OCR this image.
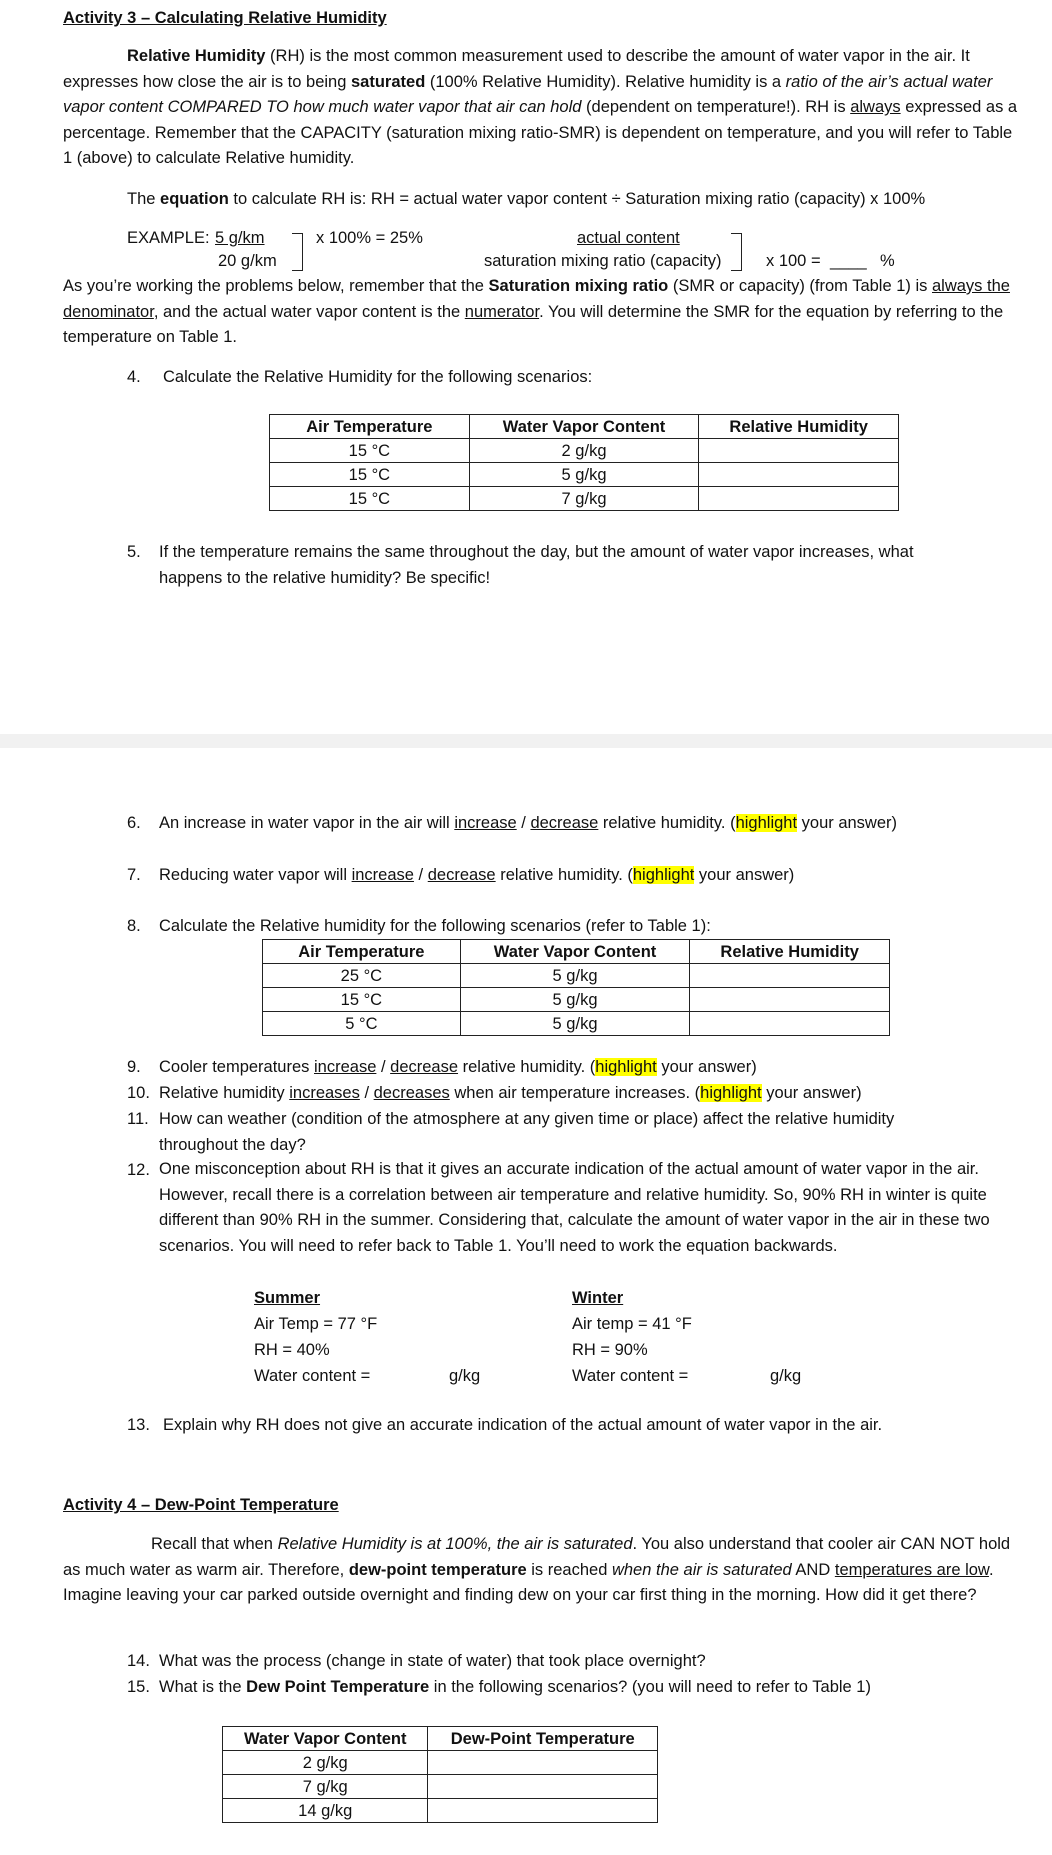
Activity 3 – Calculating Relative Humidity
Relative Humidity (RH) is the most common measurement used to describe the amount of water vapor in the air. It expresses how close the air is to being saturated (100% Relative Humidity). Relative humidity is a ratio of the air’s actual water vapor content COMPARED TO how much water vapor that air can hold (dependent on temperature!). RH is always expressed as a percentage. Remember that the CAPACITY (saturation mixing ratio-SMR) is dependent on temperature, and you will refer to Table 1 (above) to calculate Relative humidity.
The equation to calculate RH is: RH = actual water vapor content ÷ Saturation mixing ratio (capacity) x 100%
EXAMPLE: 5 g/km
20 g/km
x 100% = 25%	actual content
saturation mixing ratio (capacity)	x 100 = ____ %
As you’re working the problems below, remember that the Saturation mixing ratio (SMR or capacity) (from Table 1) is always the denominator, and the actual water vapor content is the numerator. You will determine the SMR for the equation by referring to the temperature on Table 1.
4. Calculate the Relative Humidity for the following scenarios:
Air Temperature	Water Vapor Content	Relative Humidity
15 °C	2 g/kg	
15 °C	5 g/kg	
15 °C	7 g/kg	
5. If the temperature remains the same throughout the day, but the amount of water vapor increases, what
happens to the relative humidity? Be specific!
6. An increase in water vapor in the air will increase / decrease relative humidity. (highlight your answer)
7. Reducing water vapor will increase / decrease relative humidity. (highlight your answer)
8. Calculate the Relative humidity for the following scenarios (refer to Table 1):
Air Temperature	Water Vapor Content	Relative Humidity
25 °C	5 g/kg	
15 °C	5 g/kg	
5 °C	5 g/kg	
9. Cooler temperatures increase / decrease relative humidity. (highlight your answer)
10. Relative humidity increases / decreases when air temperature increases. (highlight your answer)
11. How can weather (condition of the atmosphere at any given time or place) affect the relative humidity
throughout the day?
12. One misconception about RH is that it gives an accurate indication of the actual amount of water vapor in the air. However, recall there is a correlation between air temperature and relative humidity. So, 90% RH in winter is quite different than 90% RH in the summer. Considering that, calculate the amount of water vapor in the air in these two scenarios. You will need to refer back to Table 1. You’ll need to work the equation backwards.
Summer
Air Temp = 77 °F
RH = 40%
Water content =	g/kg
Winter
Air temp = 41 °F
RH = 90%
Water content =	g/kg
13. Explain why RH does not give an accurate indication of the actual amount of water vapor in the air.
Activity 4 – Dew-Point Temperature
Recall that when Relative Humidity is at 100%, the air is saturated. You also understand that cooler air CAN NOT hold as much water as warm air. Therefore, dew-point temperature is reached when the air is saturated AND temperatures are low. Imagine leaving your car parked outside overnight and finding dew on your car first thing in the morning. How did it get there?
14. What was the process (change in state of water) that took place overnight?
15. What is the Dew Point Temperature in the following scenarios? (you will need to refer to Table 1)
Water Vapor Content	Dew-Point Temperature
2 g/kg	
7 g/kg	
14 g/kg	
